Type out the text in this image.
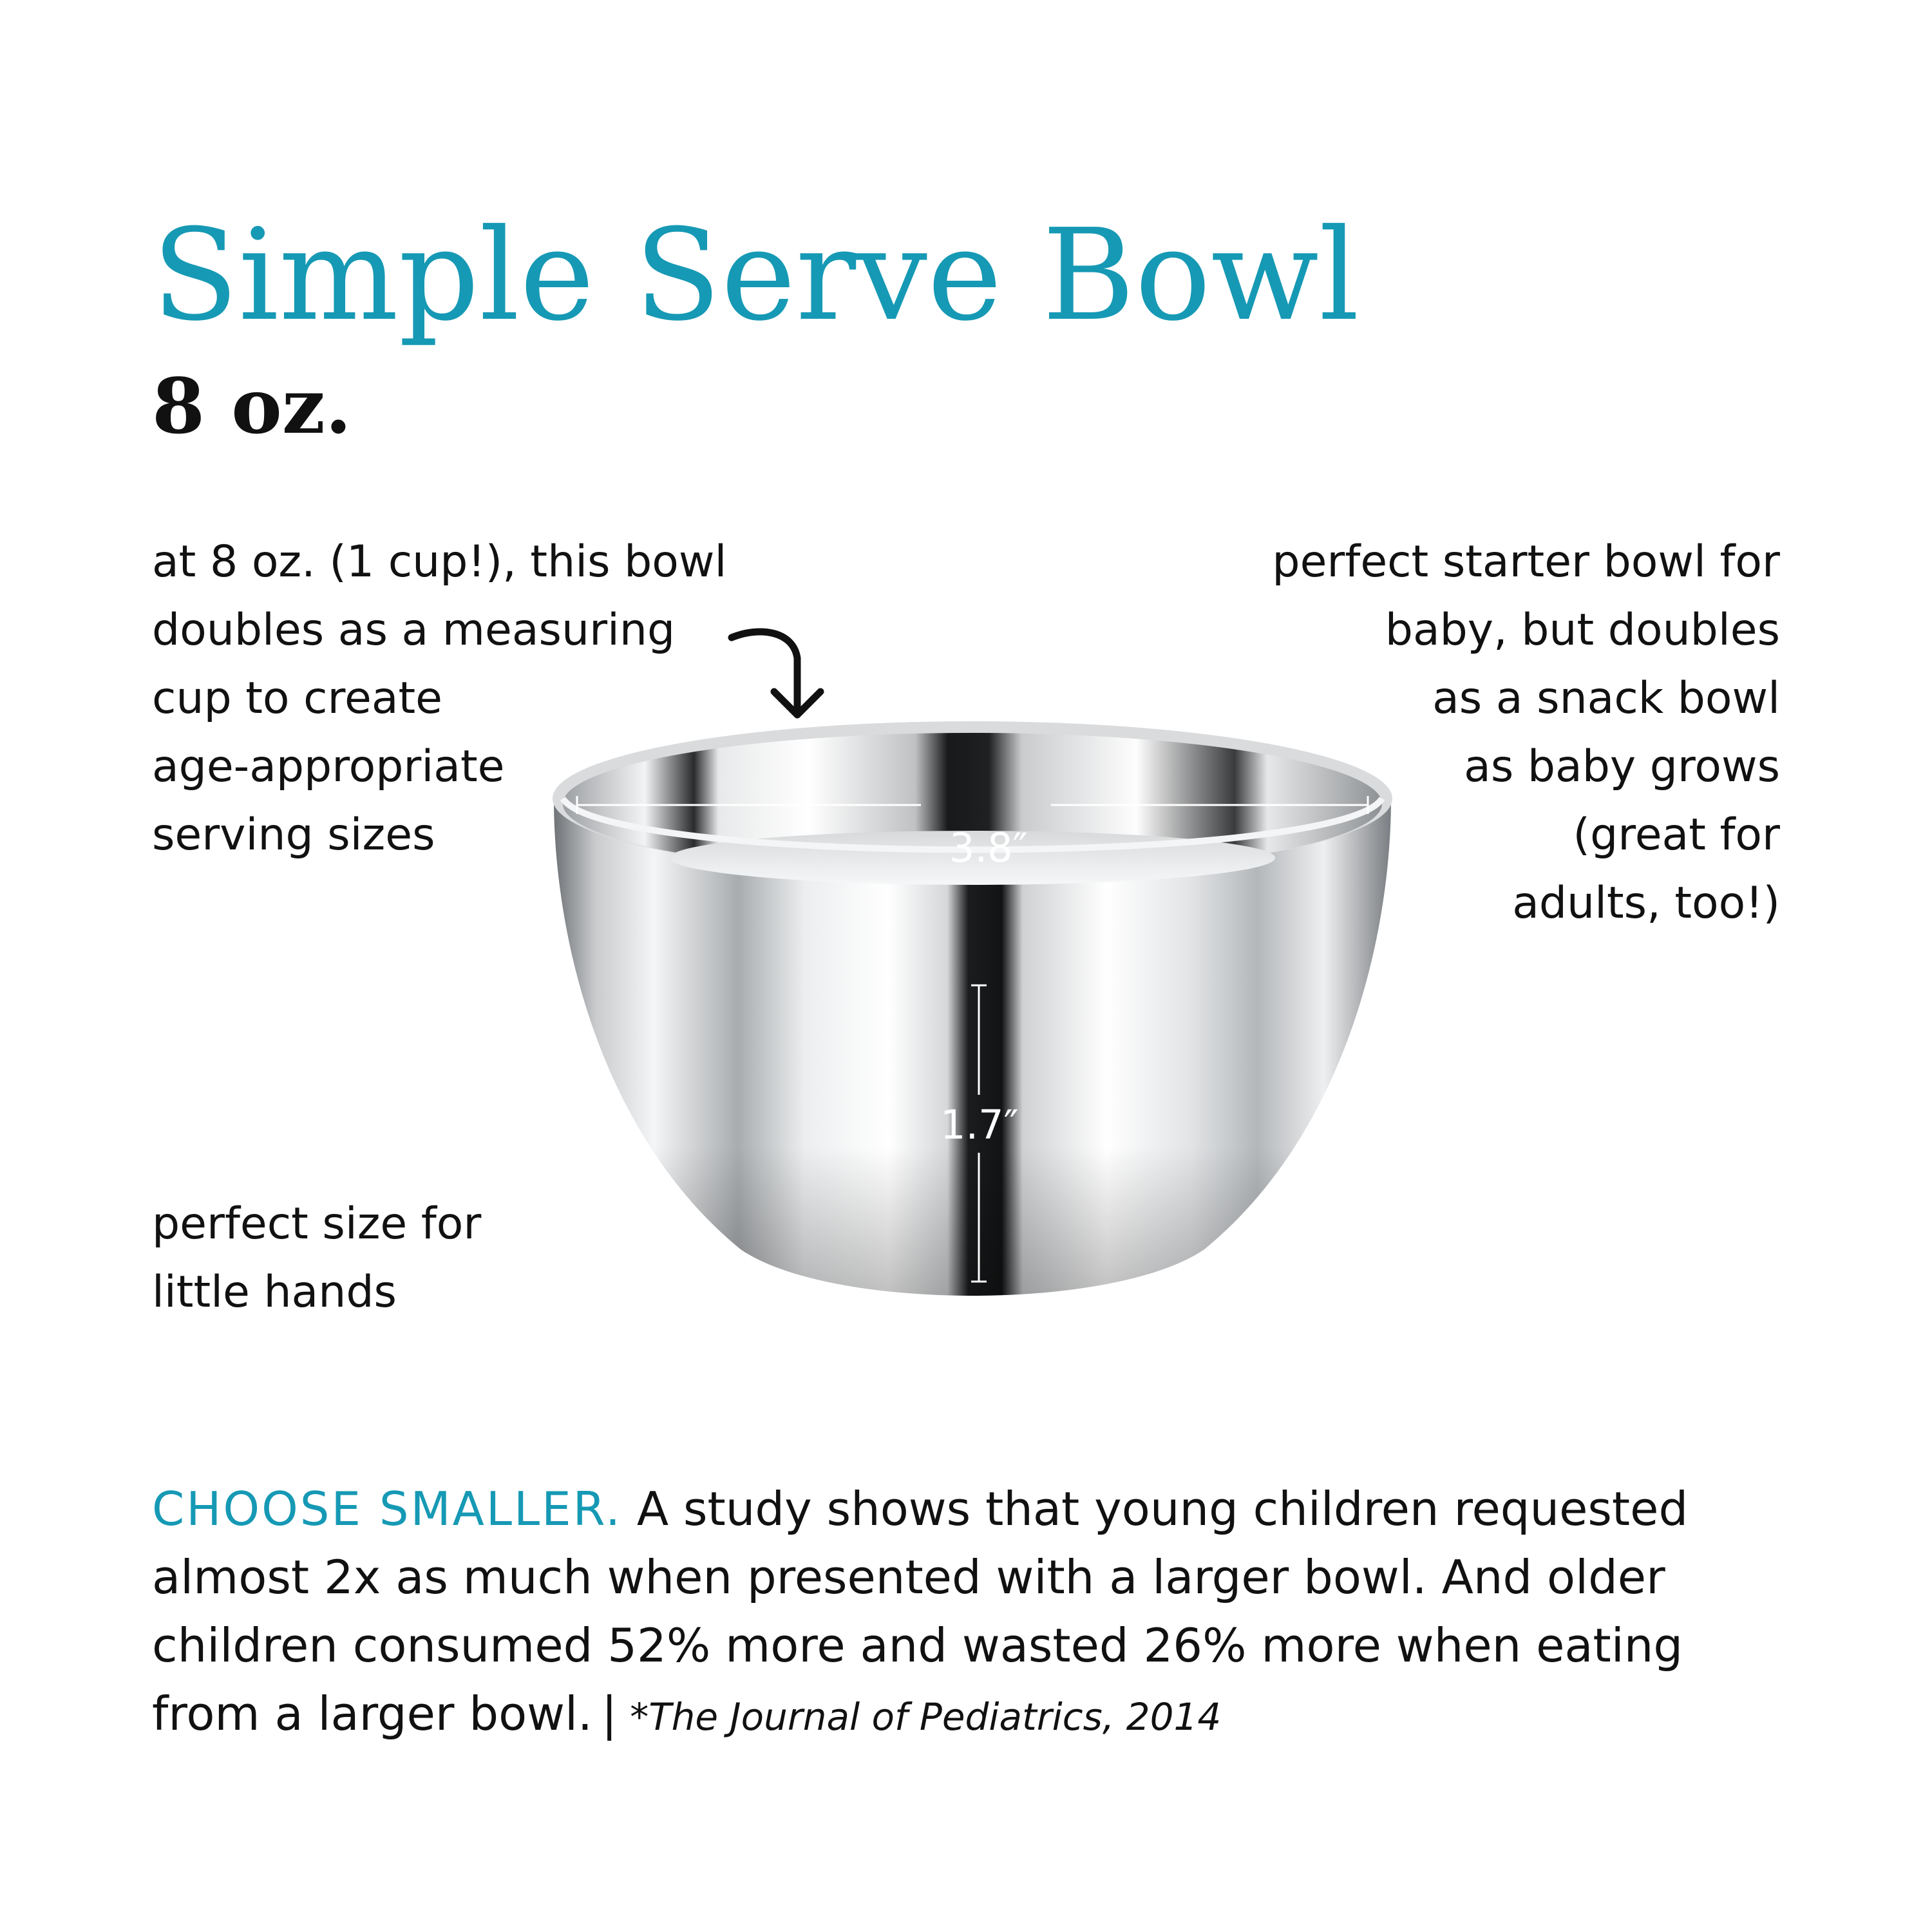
Simple Serve Bowl
8 oz.
at 8 oz. (1 cup!), this bowl
doubles as a measuring
cup to create
age-appropriate
serving sizes
perfect starter bowl for
baby, but doubles
as a snack bowl
as baby grows
(great for
adults, too!)
perfect size for
little hands
3.8″
1.7″

CHOOSE SMALLER. A study shows that young children requested almost 2x as much when presented with a larger bowl. And older children consumed 52% more and wasted 26% more when eating from a larger bowl. | *The Journal of Pediatrics, 2014
